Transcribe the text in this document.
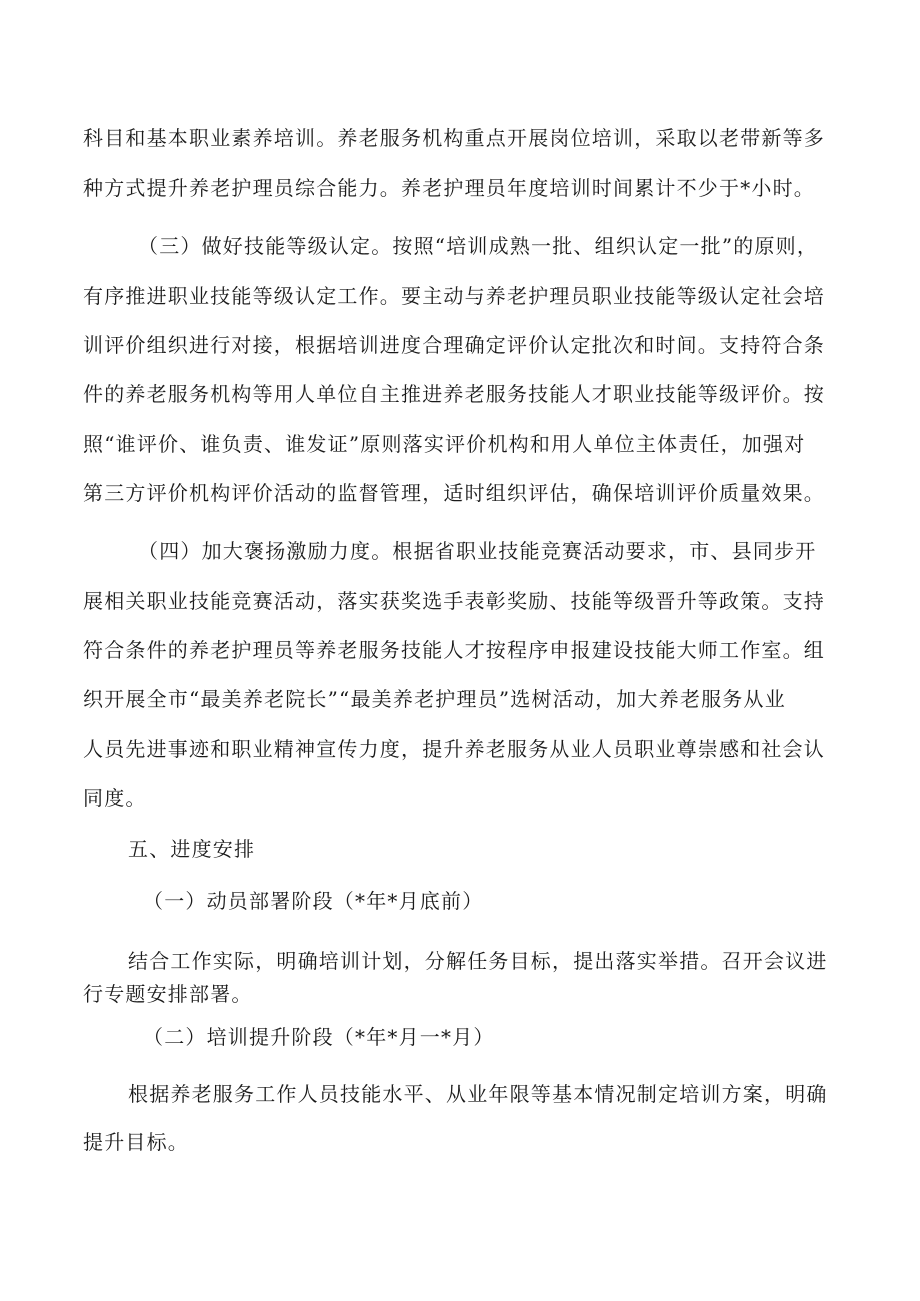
科目和基本职业素养培训。养老服务机构重点开展岗位培训，采取以老带新等多
种方式提升养老护理员综合能力。养老护理员年度培训时间累计不少于*小时。
（三）做好技能等级认定。按照“培训成熟一批、组织认定一批”的原则，
有序推进职业技能等级认定工作。要主动与养老护理员职业技能等级认定社会培
训评价组织进行对接，根据培训进度合理确定评价认定批次和时间。支持符合条
件的养老服务机构等用人单位自主推进养老服务技能人才职业技能等级评价。按
照“谁评价、谁负责、谁发证”原则落实评价机构和用人单位主体责任，加强对
第三方评价机构评价活动的监督管理，适时组织评估，确保培训评价质量效果。
（四）加大褒扬激励力度。根据省职业技能竞赛活动要求，市、县同步开
展相关职业技能竞赛活动，落实获奖选手表彰奖励、技能等级晋升等政策。支持
符合条件的养老护理员等养老服务技能人才按程序申报建设技能大师工作室。组
织开展全市“最美养老院长”“最美养老护理员”选树活动，加大养老服务从业
人员先进事迹和职业精神宣传力度，提升养老服务从业人员职业尊崇感和社会认
同度。
五、进度安排
（一）动员部署阶段（*年*月底前）
结合工作实际，明确培训计划，分解任务目标，提出落实举措。召开会议进
行专题安排部署。
（二）培训提升阶段（*年*月一*月）
根据养老服务工作人员技能水平、从业年限等基本情况制定培训方案，明确
提升目标。
